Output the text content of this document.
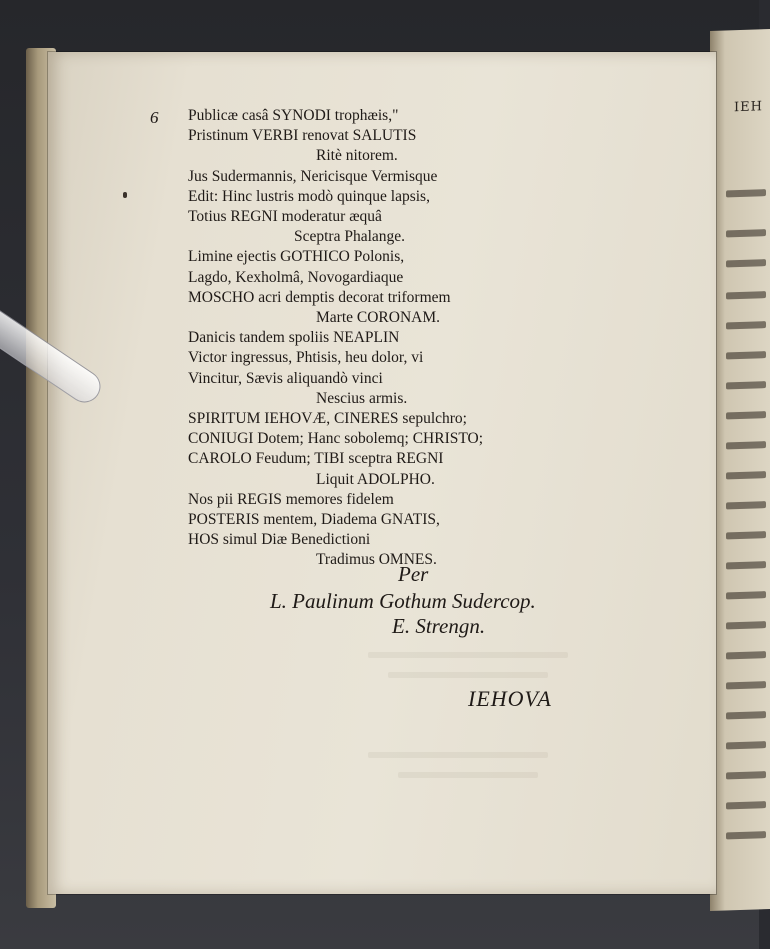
IEH
6 Publicæ casâ SYNODI trophæis,"
Pristinum VERBI renovat SALUTIS
Ritè nitorem.
Jus Sudermannis, Nericisque Vermisque
Edit: Hinc lustris modò quinque lapsis,
Totius REGNI moderatur æquâ
Sceptra Phalange.
Limine ejectis GOTHICO Polonis,
Lagdo, Kexholmâ, Novogardiaque
MOSCHO acri demptis decorat triformem
Marte CORONAM.
Danicis tandem spoliis NEAPLIN
Victor ingressus, Phtisis, heu dolor, vi
Vincitur, Sævis aliquandò vinci
Nescius armis.
SPIRITUM IEHOVÆ, CINERES sepulchro;
CONIUGI Dotem; Hanc sobolemq; CHRISTO;
CAROLO Feudum; TIBI sceptra REGNI
Liquit ADOLPHO.
Nos pii REGIS memores fidelem
POSTERIS mentem, Diadema GNATIS,
HOS simul Diæ Benedictioni
Tradimus OMNES.
Per
L. Paulinum Gothum Sudercop.
E. Strengn.
IEHOVA
